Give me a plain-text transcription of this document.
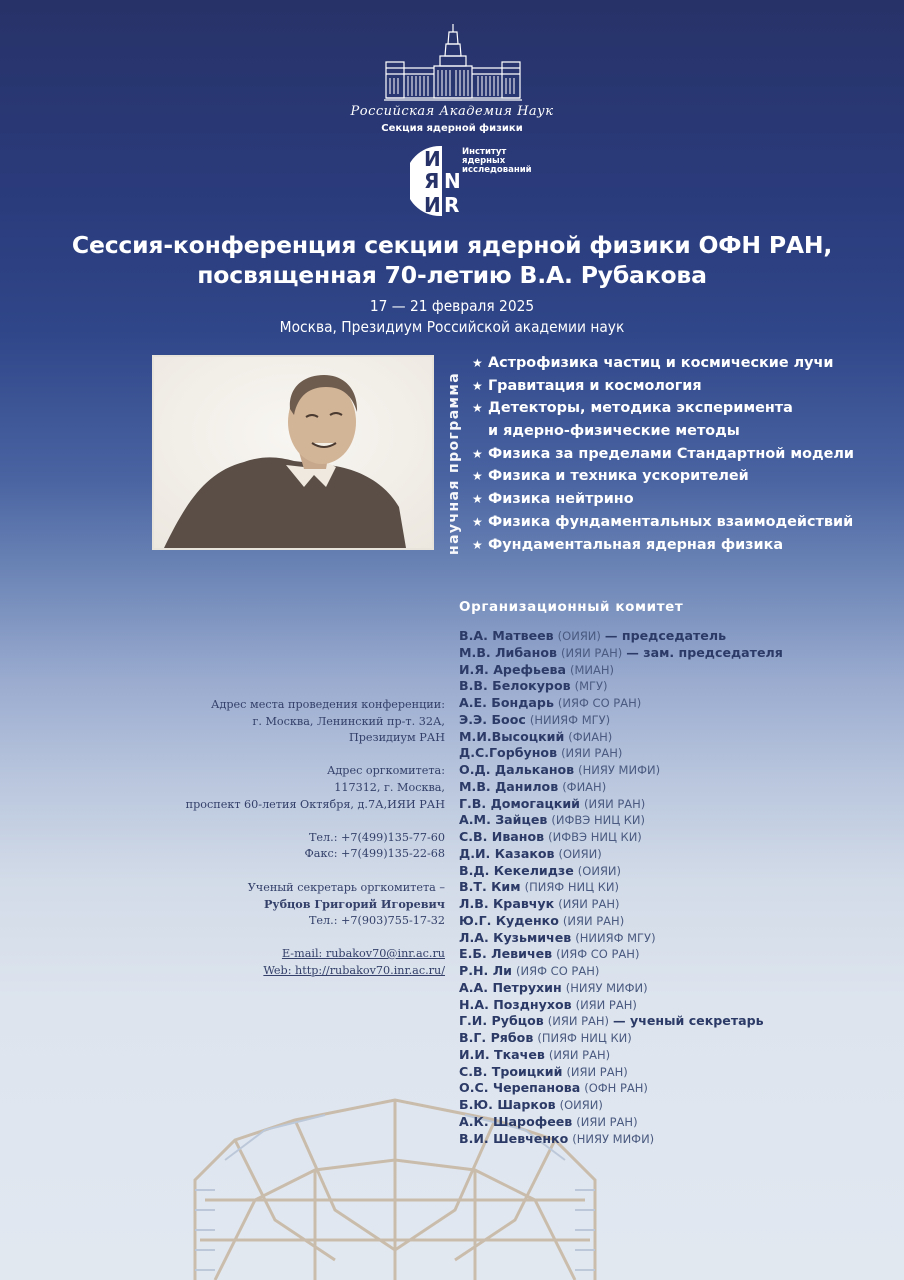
Российская Академия Наук
Секция ядерной физики
И
Я N
И R
Институт
ядерных
исследований
Сессия-конференция секции ядерной физики ОФН РАН,
посвященная 70-летию В.А. Рубакова
17 — 21 февраля 2025
Москва, Президиум Российской академии наук
научная программа
★ Астрофизика частиц и космические лучи
★ Гравитация и космология
★ Детекторы, методика эксперимента
и ядерно-физические методы
★ Физика за пределами Стандартной модели
★ Физика и техника ускорителей
★ Физика нейтрино
★ Физика фундаментальных взаимодействий
★ Фундаментальная ядерная физика
Организационный комитет
В.А. Матвеев (ОИЯИ) — председатель
М.В. Либанов (ИЯИ РАН) — зам. председателя
И.Я. Арефьева (МИАН)
В.В. Белокуров (МГУ)
А.Е. Бондарь (ИЯФ СО РАН)
Э.Э. Боос (НИИЯФ МГУ)
М.И.Высоцкий (ФИАН)
Д.С.Горбунов (ИЯИ РАН)
О.Д. Дальканов (НИЯУ МИФИ)
М.В. Данилов (ФИАН)
Г.В. Домогацкий (ИЯИ РАН)
А.М. Зайцев (ИФВЭ НИЦ КИ)
С.В. Иванов (ИФВЭ НИЦ КИ)
Д.И. Казаков (ОИЯИ)
В.Д. Кекелидзе (ОИЯИ)
В.Т. Ким (ПИЯФ НИЦ КИ)
Л.В. Кравчук (ИЯИ РАН)
Ю.Г. Куденко (ИЯИ РАН)
Л.А. Кузьмичев (НИИЯФ МГУ)
Е.Б. Левичев (ИЯФ СО РАН)
Р.Н. Ли (ИЯФ СО РАН)
А.А. Петрухин (НИЯУ МИФИ)
Н.А. Позднухов (ИЯИ РАН)
Г.И. Рубцов (ИЯИ РАН) — ученый секретарь
В.Г. Рябов (ПИЯФ НИЦ КИ)
И.И. Ткачев (ИЯИ РАН)
С.В. Троицкий (ИЯИ РАН)
О.С. Черепанова (ОФН РАН)
Б.Ю. Шарков (ОИЯИ)
А.К. Шарофеев (ИЯИ РАН)
В.И. Шевченко (НИЯУ МИФИ)
Адрес места проведения конференции:
г. Москва, Ленинский пр-т. 32А,
Президиум РАН
Адрес оргкомитета:
117312, г. Москва,
проспект 60-летия Октября, д.7А,ИЯИ РАН
Тел.: +7(499)135-77-60
Факс: +7(499)135-22-68
Ученый секретарь оргкомитета –
Рубцов Григорий Игоревич
Тел.: +7(903)755-17-32
E-mail: rubakov70@inr.ac.ru
Web: http://rubakov70.inr.ac.ru/
